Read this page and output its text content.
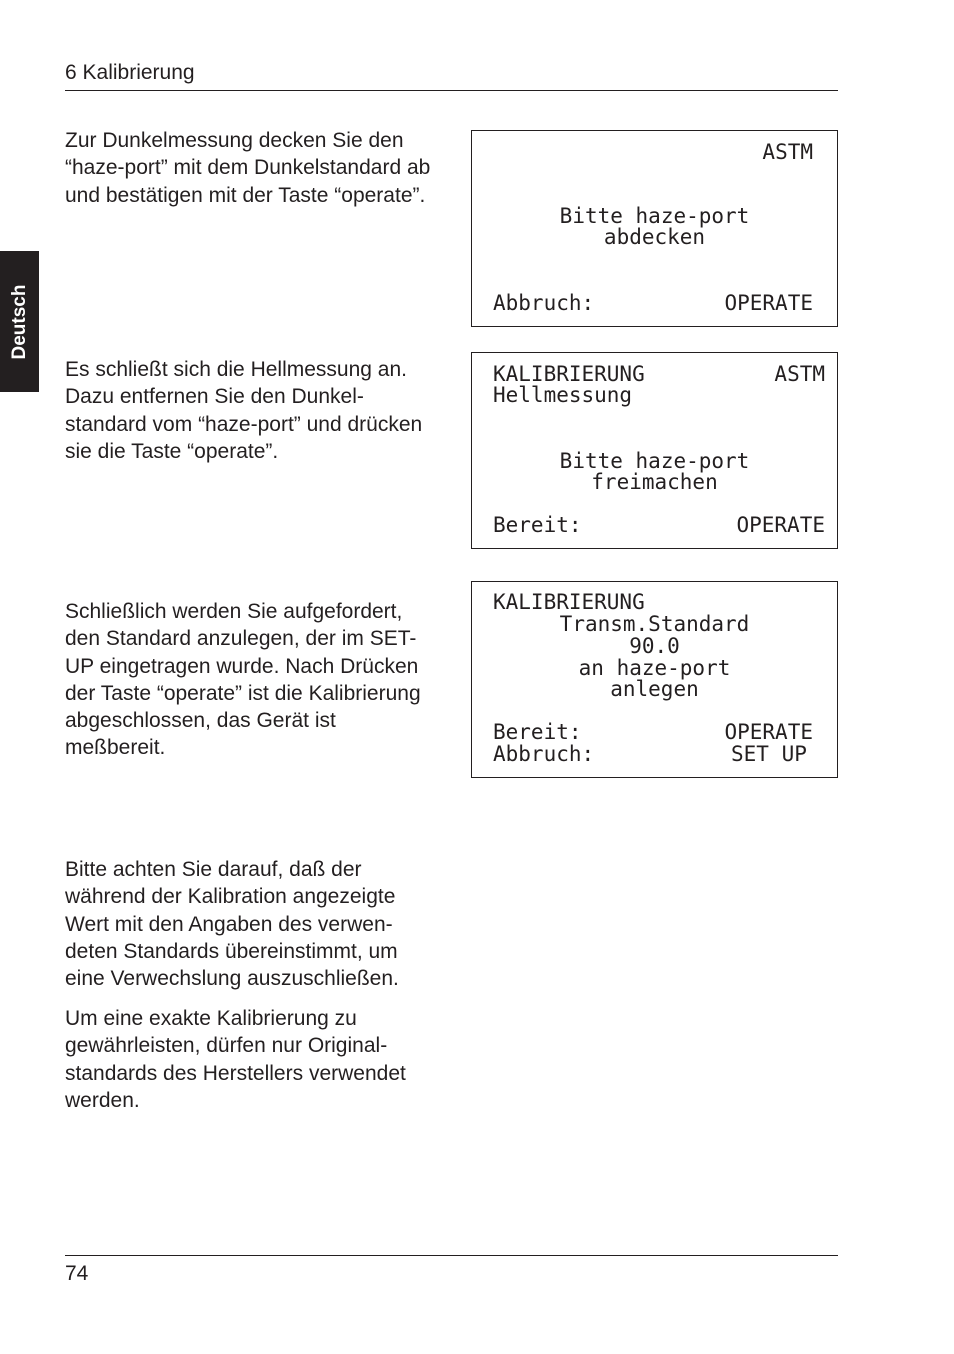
6 Kalibrierung
Deutsch

Zur Dunkelmessung decken Sie den “haze-port” mit dem Dunkelstandard ab und bestätigen mit der Taste “operate”.

Es schließt sich die Hellmessung an. Dazu entfernen Sie den Dunkelstandard vom “haze-port” und drücken sie die Taste “operate”.

Schließlich werden Sie aufgefordert, den Standard anzulegen, der im SET-UP eingetragen wurde. Nach Drücken der Taste “operate” ist die Kalibrierung abgeschlossen, das Gerät ist meßbereit.

Bitte achten Sie darauf, daß der während der Kalibration angezeigte Wert mit den Angaben des verwendeten Standards übereinstimmt, um eine Verwechslung auszuschließen.

Um eine exakte Kalibrierung zu gewährleisten, dürfen nur Originalstandards des Herstellers verwendet werden.

ASTM
Bitte haze-port
abdecken
Abbruch:	OPERATE
KALIBRIERUNG	ASTM
Hellmessung
Bitte haze-port
freimachen
Bereit:	OPERATE
KALIBRIERUNG
Transm.Standard
90.0
an haze-port
anlegen
Bereit:	OPERATE
Abbruch:	SET UP
74
